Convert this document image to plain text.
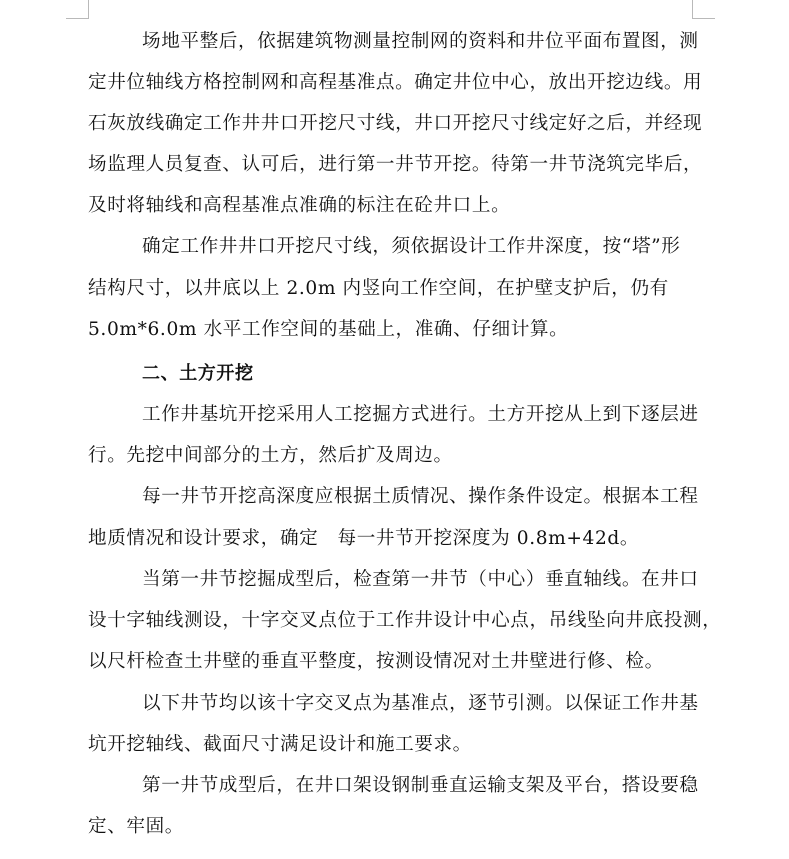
场地平整后，依据建筑物测量控制网的资料和井位平面布置图，测
定井位轴线方格控制网和高程基准点。确定井位中心，放出开挖边线。用
石灰放线确定工作井井口开挖尺寸线，井口开挖尺寸线定好之后，并经现
场监理人员复查、认可后，进行第一井节开挖。待第一井节浇筑完毕后，
及时将轴线和高程基准点准确的标注在砼井口上。
确定工作井井口开挖尺寸线，须依据设计工作井深度，按“塔”形
结构尺寸，以井底以上 2.0m 内竖向工作空间，在护壁支护后，仍有
5.0m*6.0m 水平工作空间的基础上，准确、仔细计算。
二、土方开挖
工作井基坑开挖采用人工挖掘方式进行。土方开挖从上到下逐层进
行。先挖中间部分的土方，然后扩及周边。
每一井节开挖高深度应根据土质情况、操作条件设定。根据本工程
地质情况和设计要求，确定　每一井节开挖深度为 0.8m+42d。
当第一井节挖掘成型后，检查第一井节（中心）垂直轴线。在井口
设十字轴线测设，十字交叉点位于工作井设计中心点，吊线坠向井底投测，
以尺杆检查土井壁的垂直平整度，按测设情况对土井壁进行修、检。
以下井节均以该十字交叉点为基准点，逐节引测。以保证工作井基
坑开挖轴线、截面尺寸满足设计和施工要求。
第一井节成型后，在井口架设钢制垂直运输支架及平台，搭设要稳
定、牢固。
